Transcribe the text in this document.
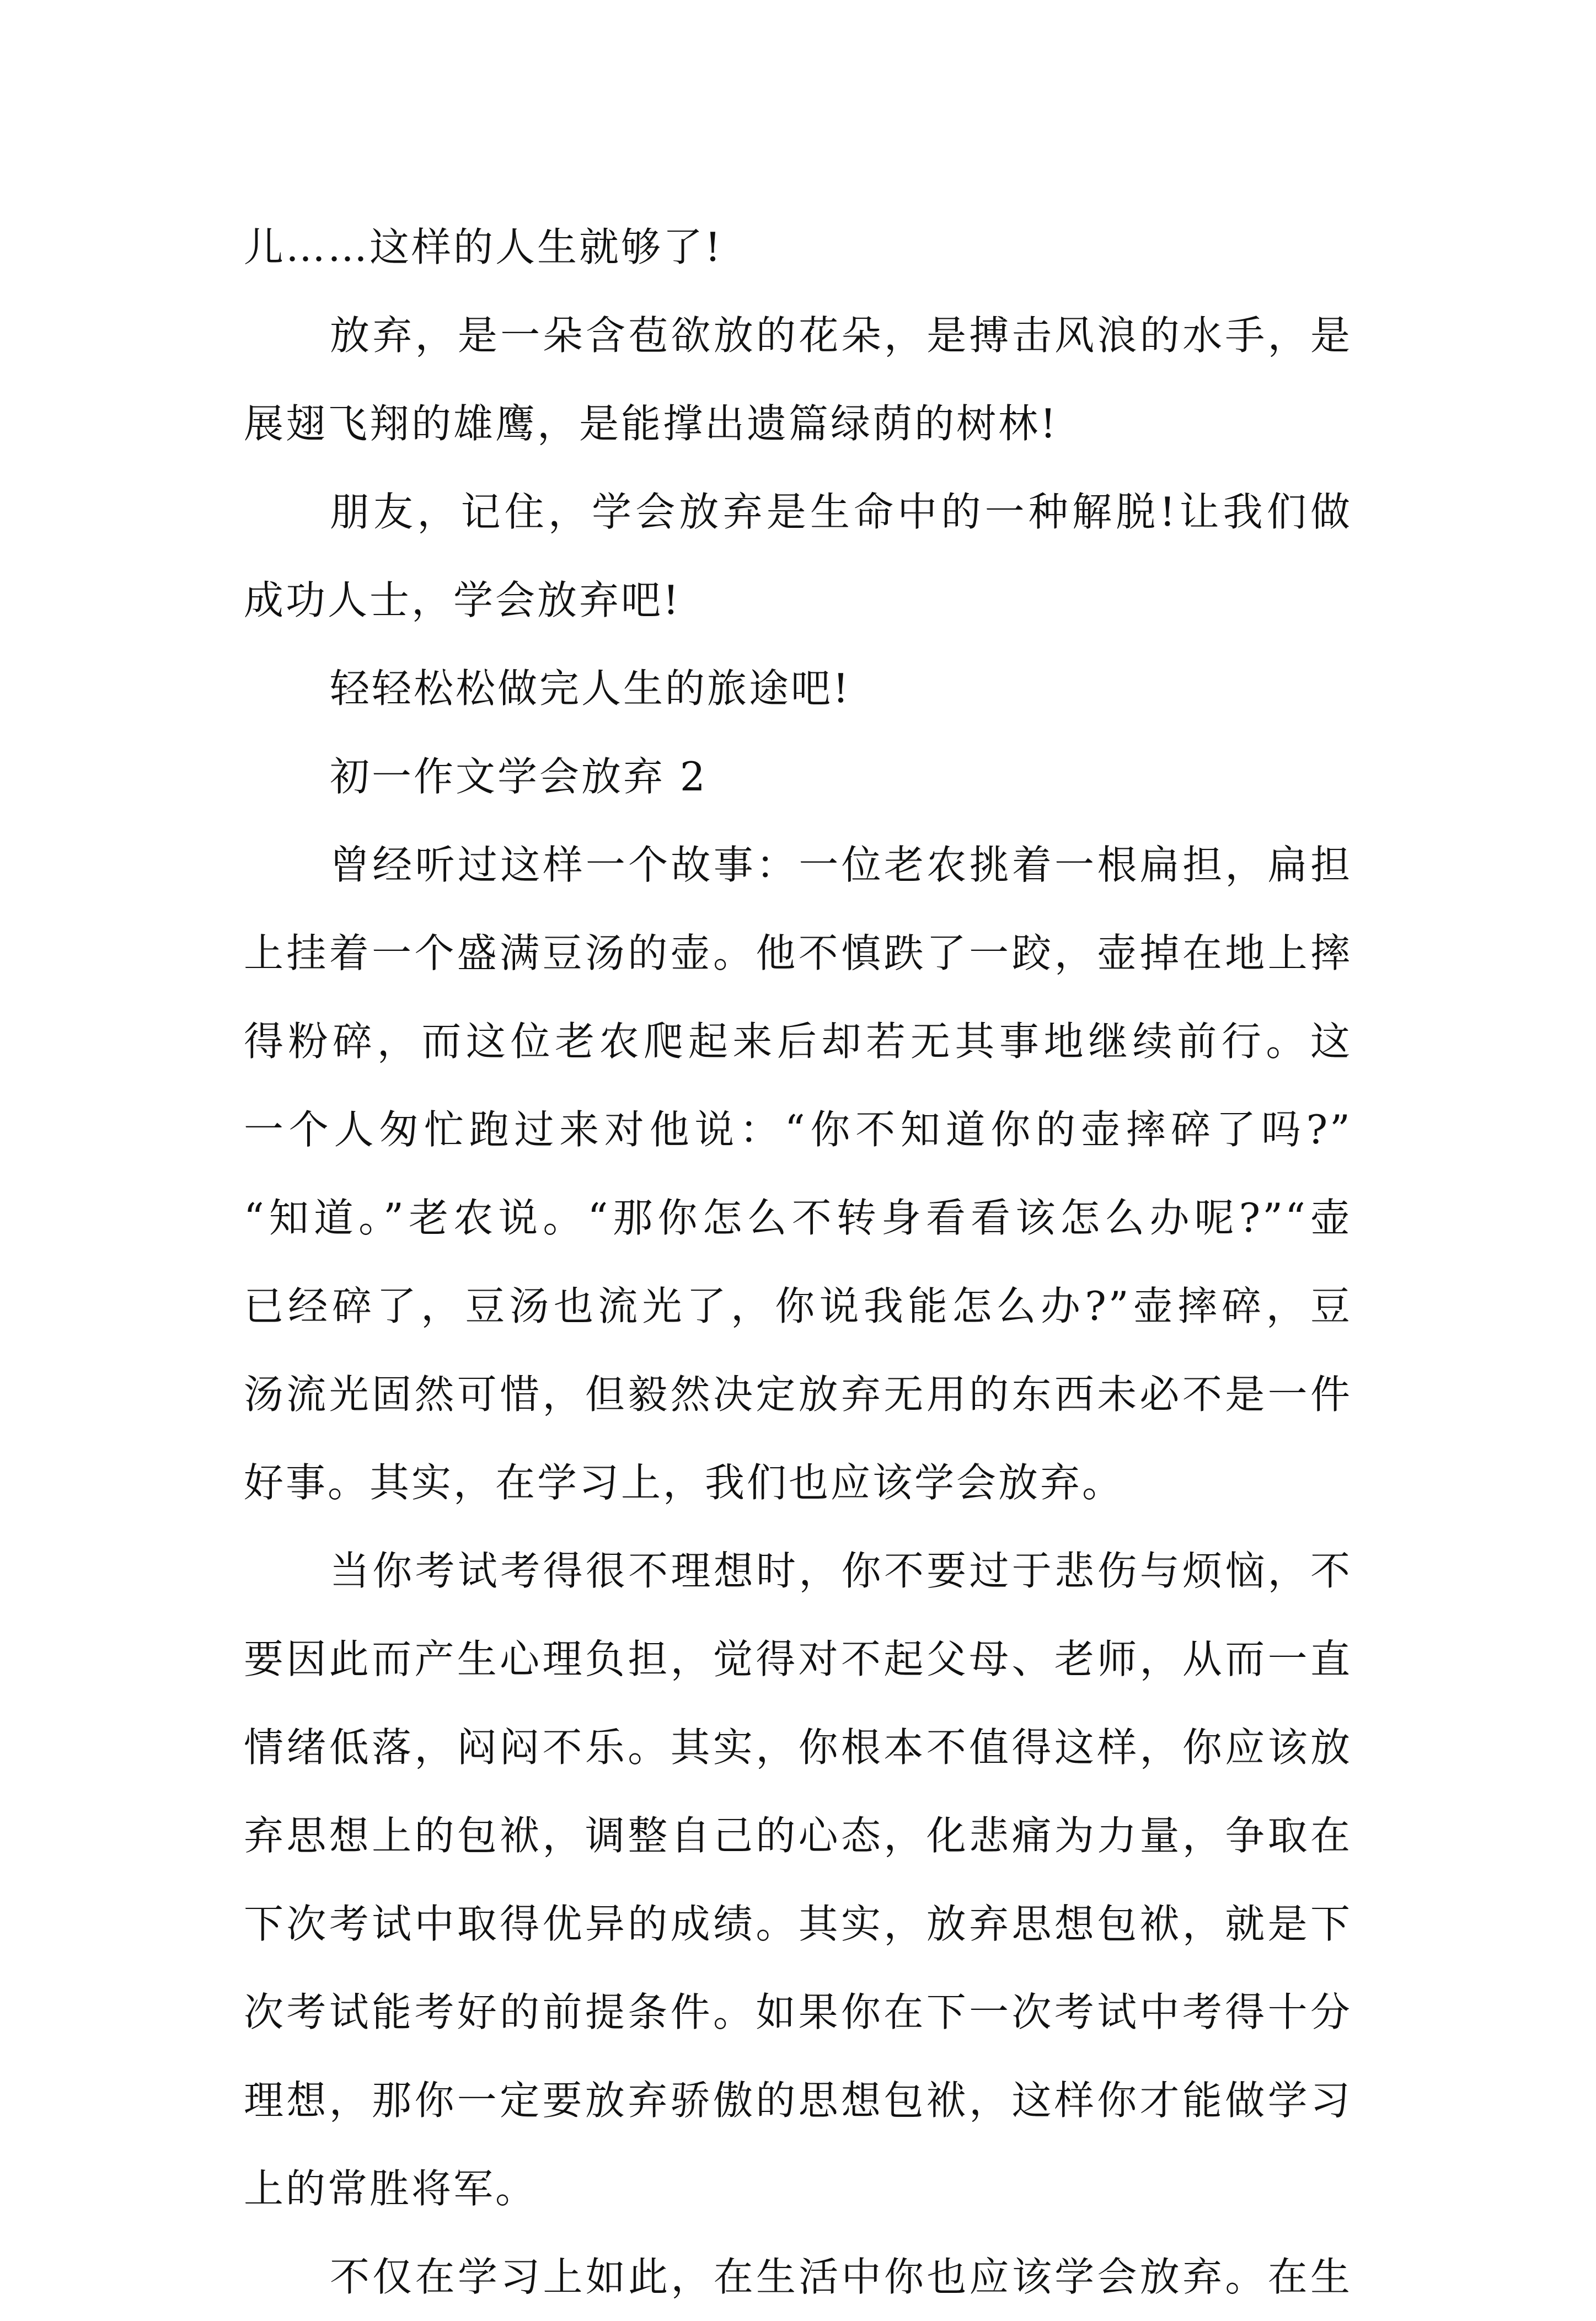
儿……这样的人生就够了!
放弃，是一朵含苞欲放的花朵，是搏击风浪的水手，是
展翅飞翔的雄鹰，是能撑出遗篇绿荫的树林!
朋友，记住，学会放弃是生命中的一种解脱!让我们做
成功人士，学会放弃吧!
轻轻松松做完人生的旅途吧!
初一作文学会放弃 2
曾经听过这样一个故事：一位老农挑着一根扁担，扁担
上挂着一个盛满豆汤的壶。他不慎跌了一跤，壶掉在地上摔
得粉碎，而这位老农爬起来后却若无其事地继续前行。这
一个人匆忙跑过来对他说：“你不知道你的壶摔碎了吗?”
“知道。”老农说。“那你怎么不转身看看该怎么办呢?”“壶
已经碎了，豆汤也流光了，你说我能怎么办?”壶摔碎，豆
汤流光固然可惜，但毅然决定放弃无用的东西未必不是一件
好事。其实，在学习上，我们也应该学会放弃。
当你考试考得很不理想时，你不要过于悲伤与烦恼，不
要因此而产生心理负担，觉得对不起父母、老师，从而一直
情绪低落，闷闷不乐。其实，你根本不值得这样，你应该放
弃思想上的包袱，调整自己的心态，化悲痛为力量，争取在
下次考试中取得优异的成绩。其实，放弃思想包袱，就是下
次考试能考好的前提条件。如果你在下一次考试中考得十分
理想，那你一定要放弃骄傲的思想包袱，这样你才能做学习
上的常胜将军。
不仅在学习上如此，在生活中你也应该学会放弃。在生
